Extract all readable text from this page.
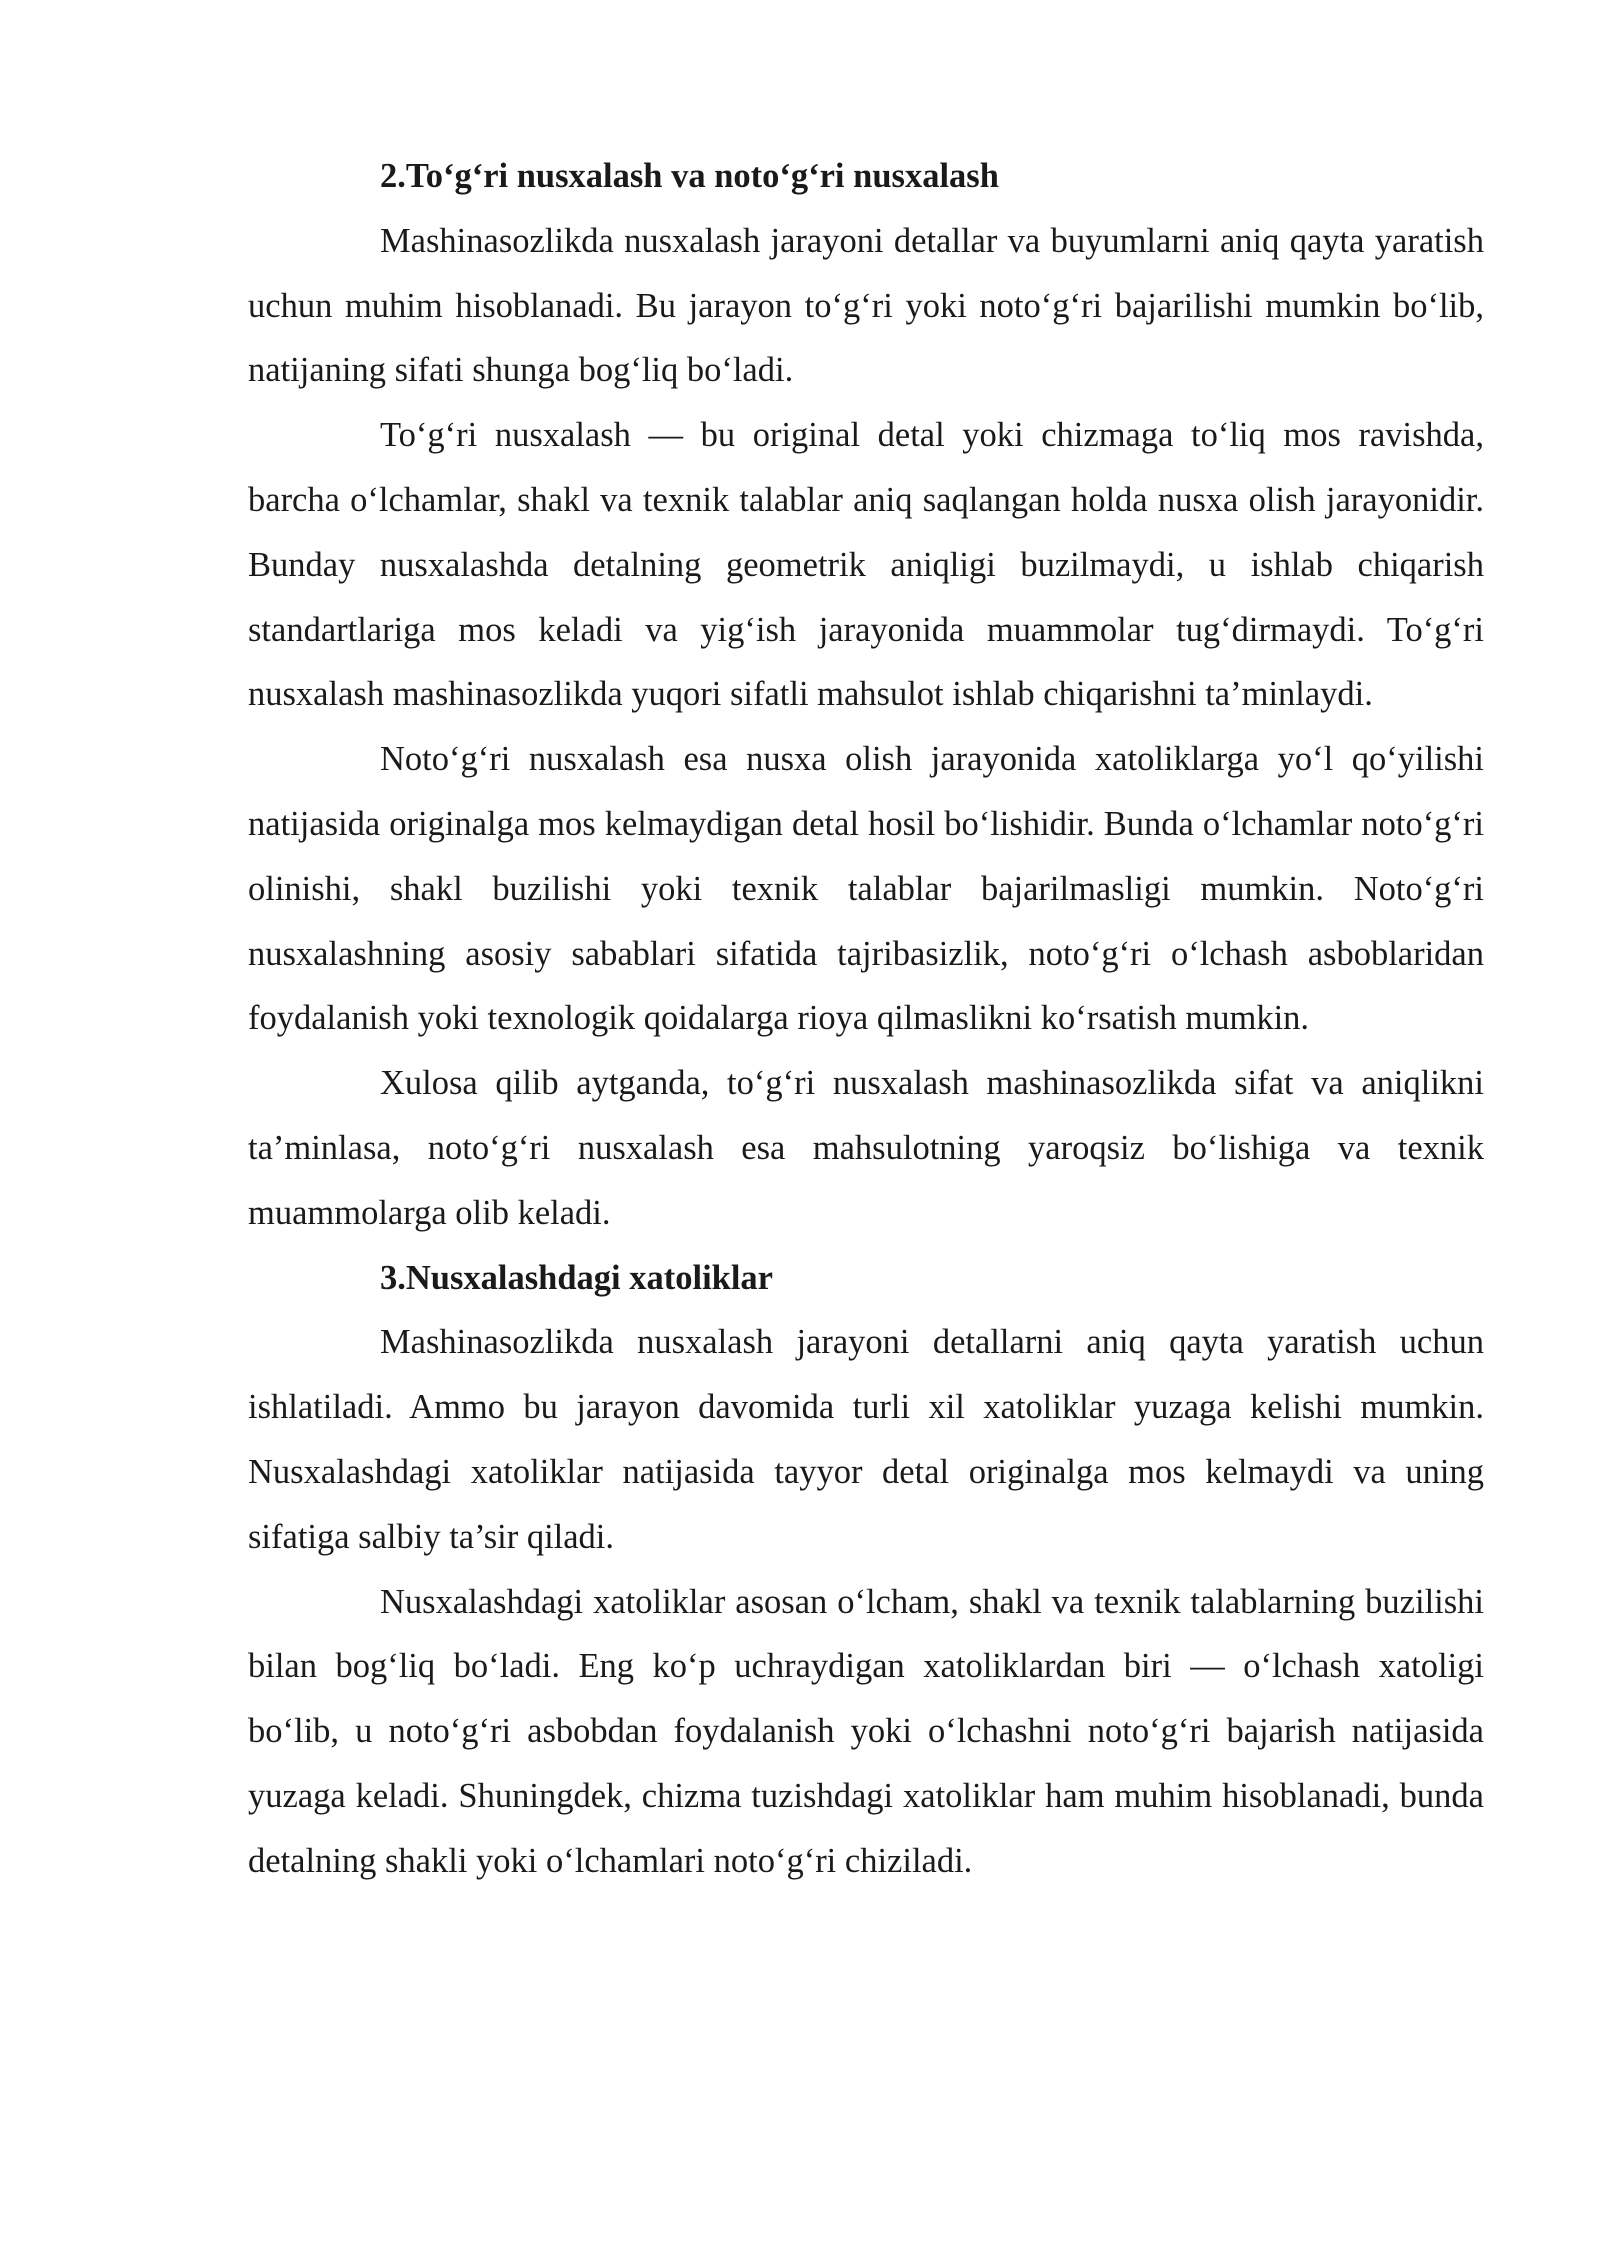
2.To‘g‘ri nusxalash va noto‘g‘ri nusxalash

Mashinasozlikda nusxalash jarayoni detallar va buyumlarni aniq qayta yaratish uchun muhim hisoblanadi. Bu jarayon to‘g‘ri yoki noto‘g‘ri bajarilishi mumkin bo‘lib, natijaning sifati shunga bog‘liq bo‘ladi.

To‘g‘ri nusxalash — bu original detal yoki chizmaga to‘liq mos ravishda, barcha o‘lchamlar, shakl va texnik talablar aniq saqlangan holda nusxa olish jarayonidir. Bunday nusxalashda detalning geometrik aniqligi buzilmaydi, u ishlab chiqarish standartlariga mos keladi va yig‘ish jarayonida muammolar tug‘dirmaydi. To‘g‘ri nusxalash mashinasozlikda yuqori sifatli mahsulot ishlab chiqarishni ta’minlaydi.

Noto‘g‘ri nusxalash esa nusxa olish jarayonida xatoliklarga yo‘l qo‘yilishi natijasida originalga mos kelmaydigan detal hosil bo‘lishidir. Bunda o‘lchamlar noto‘g‘ri olinishi, shakl buzilishi yoki texnik talablar bajarilmasligi mumkin. Noto‘g‘ri nusxalashning asosiy sabablari sifatida tajribasizlik, noto‘g‘ri o‘lchash asboblaridan foydalanish yoki texnologik qoidalarga rioya qilmaslikni ko‘rsatish mumkin.

Xulosa qilib aytganda, to‘g‘ri nusxalash mashinasozlikda sifat va aniqlikni ta’minlasa, noto‘g‘ri nusxalash esa mahsulotning yaroqsiz bo‘lishiga va texnik muammolarga olib keladi.

3.Nusxalashdagi xatoliklar

Mashinasozlikda nusxalash jarayoni detallarni aniq qayta yaratish uchun ishlatiladi. Ammo bu jarayon davomida turli xil xatoliklar yuzaga kelishi mumkin. Nusxalashdagi xatoliklar natijasida tayyor detal originalga mos kelmaydi va uning sifatiga salbiy ta’sir qiladi.

Nusxalashdagi xatoliklar asosan o‘lcham, shakl va texnik talablarning buzilishi bilan bog‘liq bo‘ladi. Eng ko‘p uchraydigan xatoliklardan biri — o‘lchash xatoligi bo‘lib, u noto‘g‘ri asbobdan foydalanish yoki o‘lchashni noto‘g‘ri bajarish natijasida yuzaga keladi. Shuningdek, chizma tuzishdagi xatoliklar ham muhim hisoblanadi, bunda detalning shakli yoki o‘lchamlari noto‘g‘ri chiziladi.
